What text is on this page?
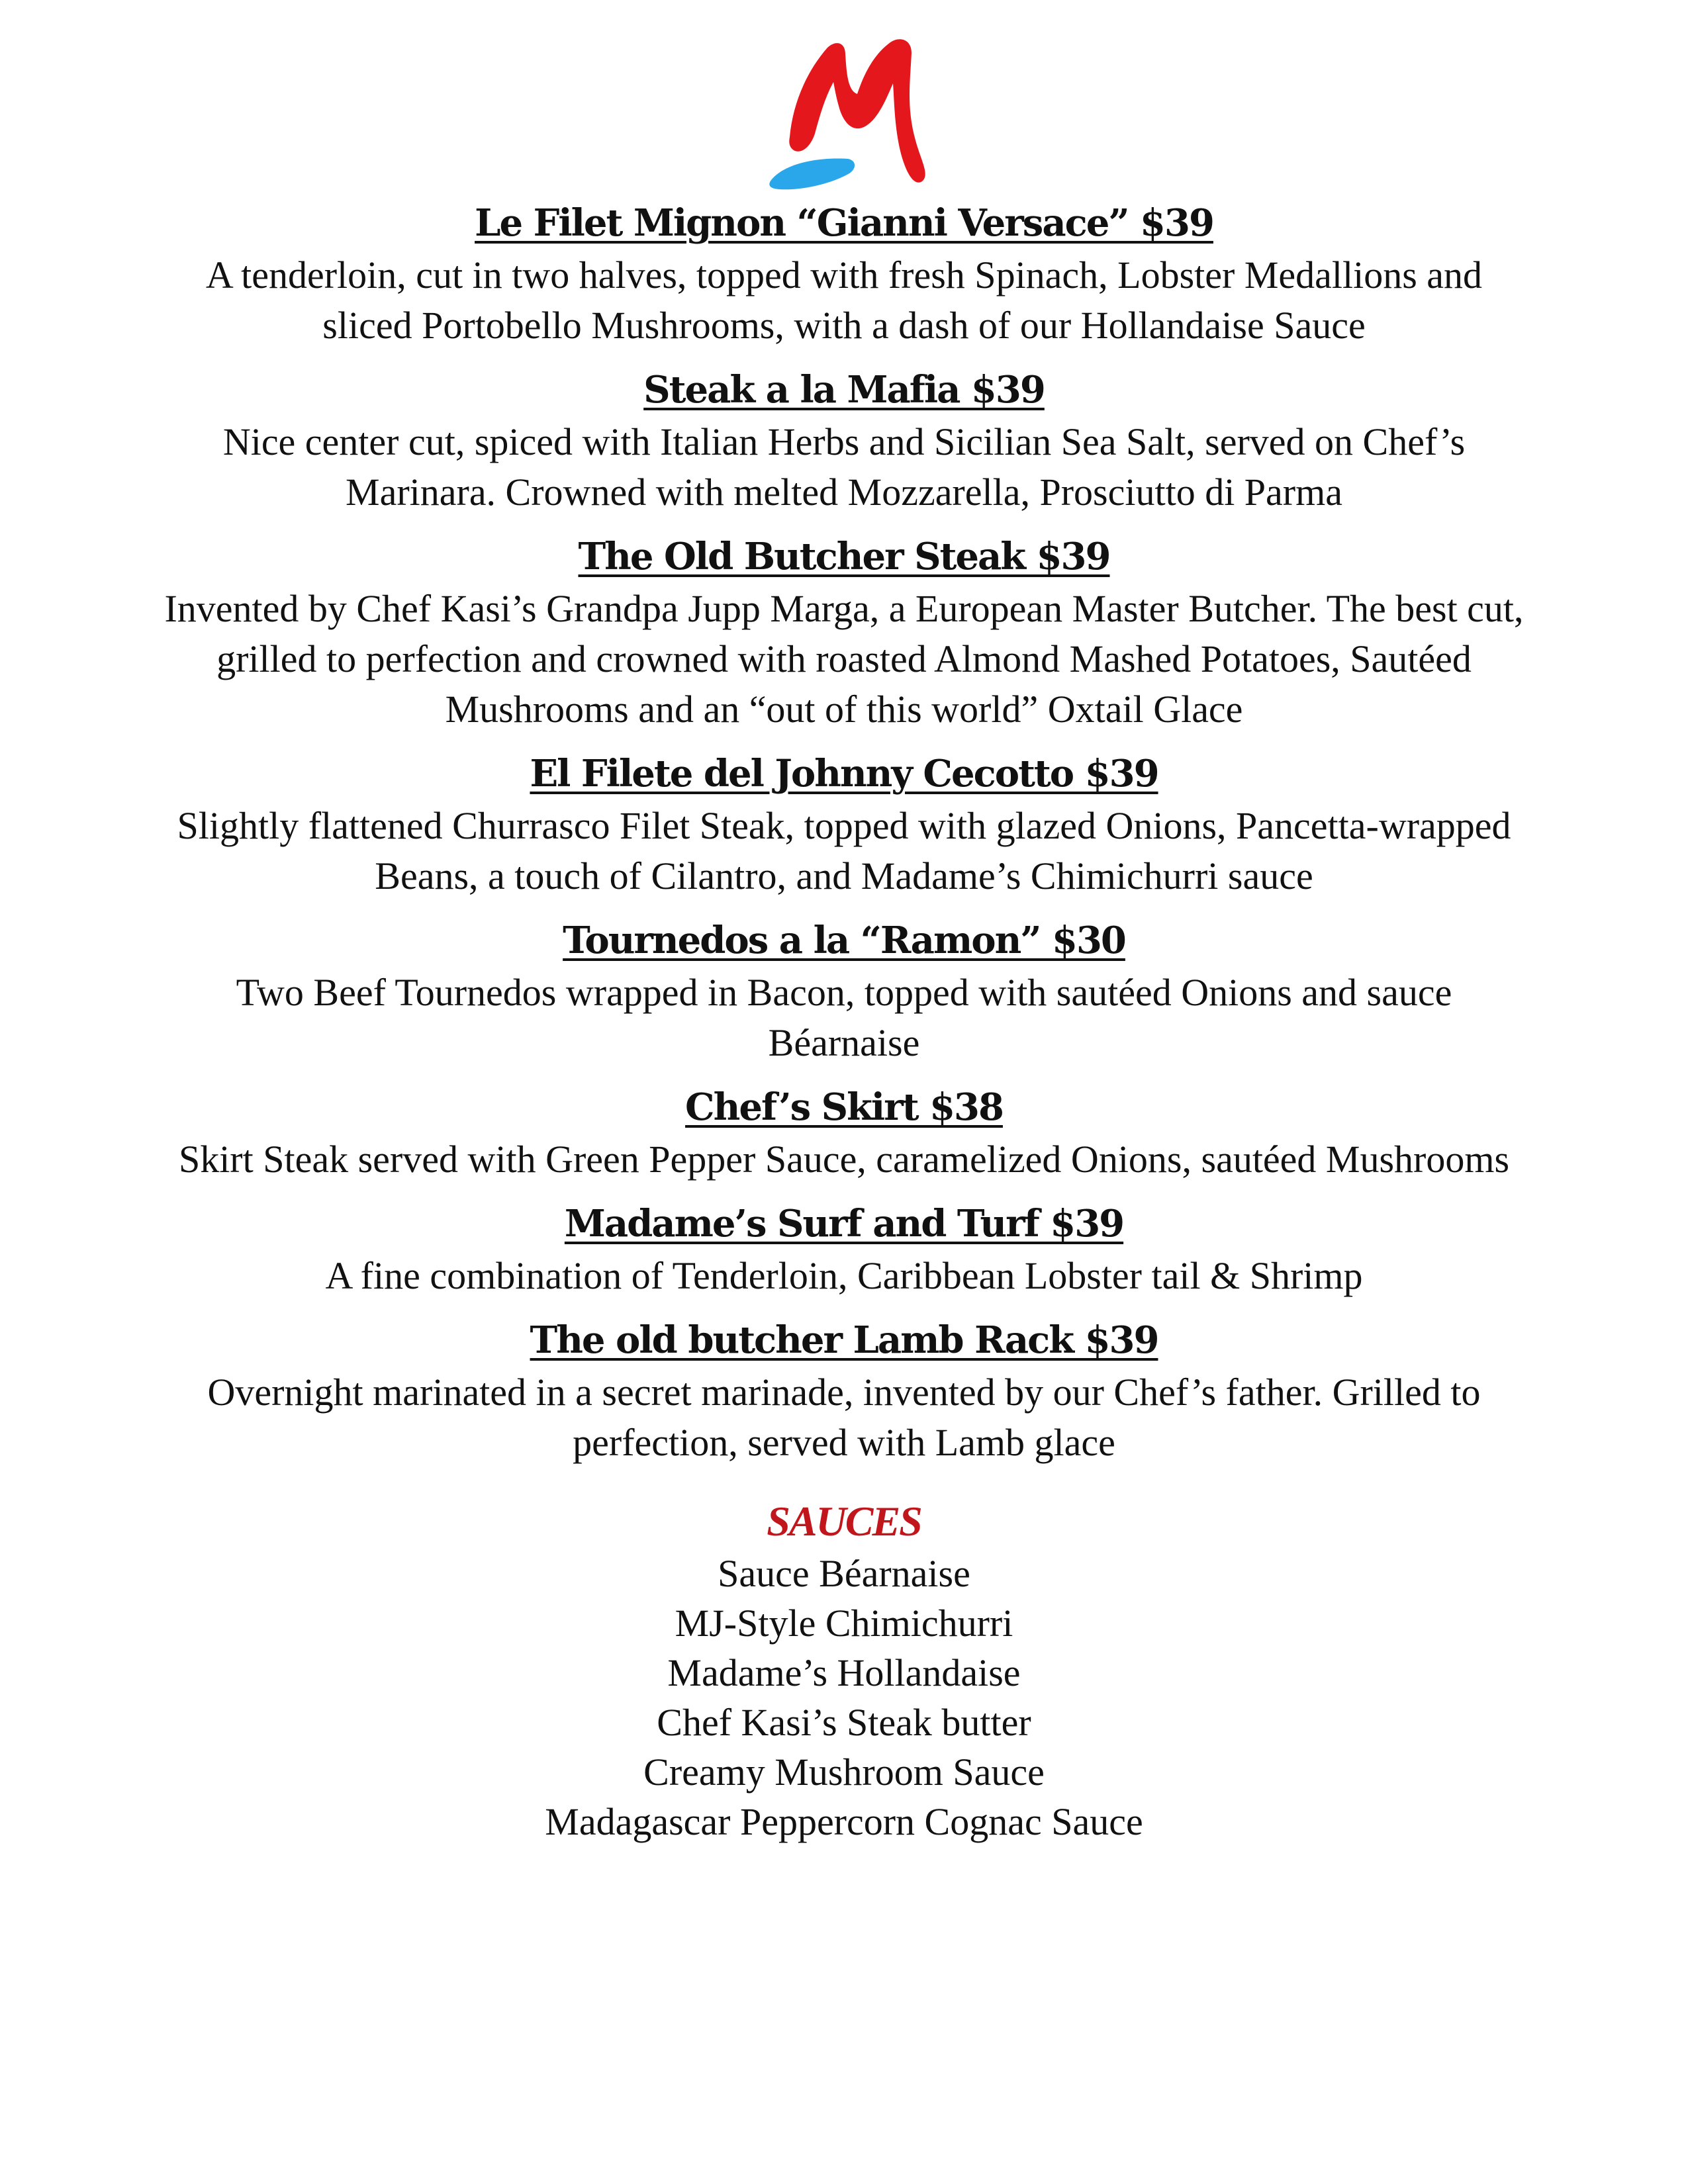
Le Filet Mignon “Gianni Versace” $39

A tenderloin, cut in two halves, topped with fresh Spinach, Lobster Medallions and sliced Portobello Mushrooms, with a dash of our Hollandaise Sauce

Steak a la Mafia $39

Nice center cut, spiced with Italian Herbs and Sicilian Sea Salt, served on Chef’s Marinara. Crowned with melted Mozzarella, Prosciutto di Parma

The Old Butcher Steak $39

Invented by Chef Kasi’s Grandpa Jupp Marga, a European Master Butcher. The best cut, grilled to perfection and crowned with roasted Almond Mashed Potatoes, Sautéed Mushrooms and an “out of this world” Oxtail Glace

El Filete del Johnny Cecotto $39

Slightly flattened Churrasco Filet Steak, topped with glazed Onions, Pancetta-wrapped Beans, a touch of Cilantro, and Madame’s Chimichurri sauce

Tournedos a la “Ramon” $30

Two Beef Tournedos wrapped in Bacon, topped with sautéed Onions and sauce Béarnaise

Chef’s Skirt $38

Skirt Steak served with Green Pepper Sauce, caramelized Onions, sautéed Mushrooms

Madame’s Surf and Turf $39

A fine combination of Tenderloin, Caribbean Lobster tail & Shrimp

The old butcher Lamb Rack $39

Overnight marinated in a secret marinade, invented by our Chef’s father. Grilled to perfection, served with Lamb glace

SAUCES

Sauce Béarnaise
MJ-Style Chimichurri
Madame’s Hollandaise
Chef Kasi’s Steak butter
Creamy Mushroom Sauce
Madagascar Peppercorn Cognac Sauce
